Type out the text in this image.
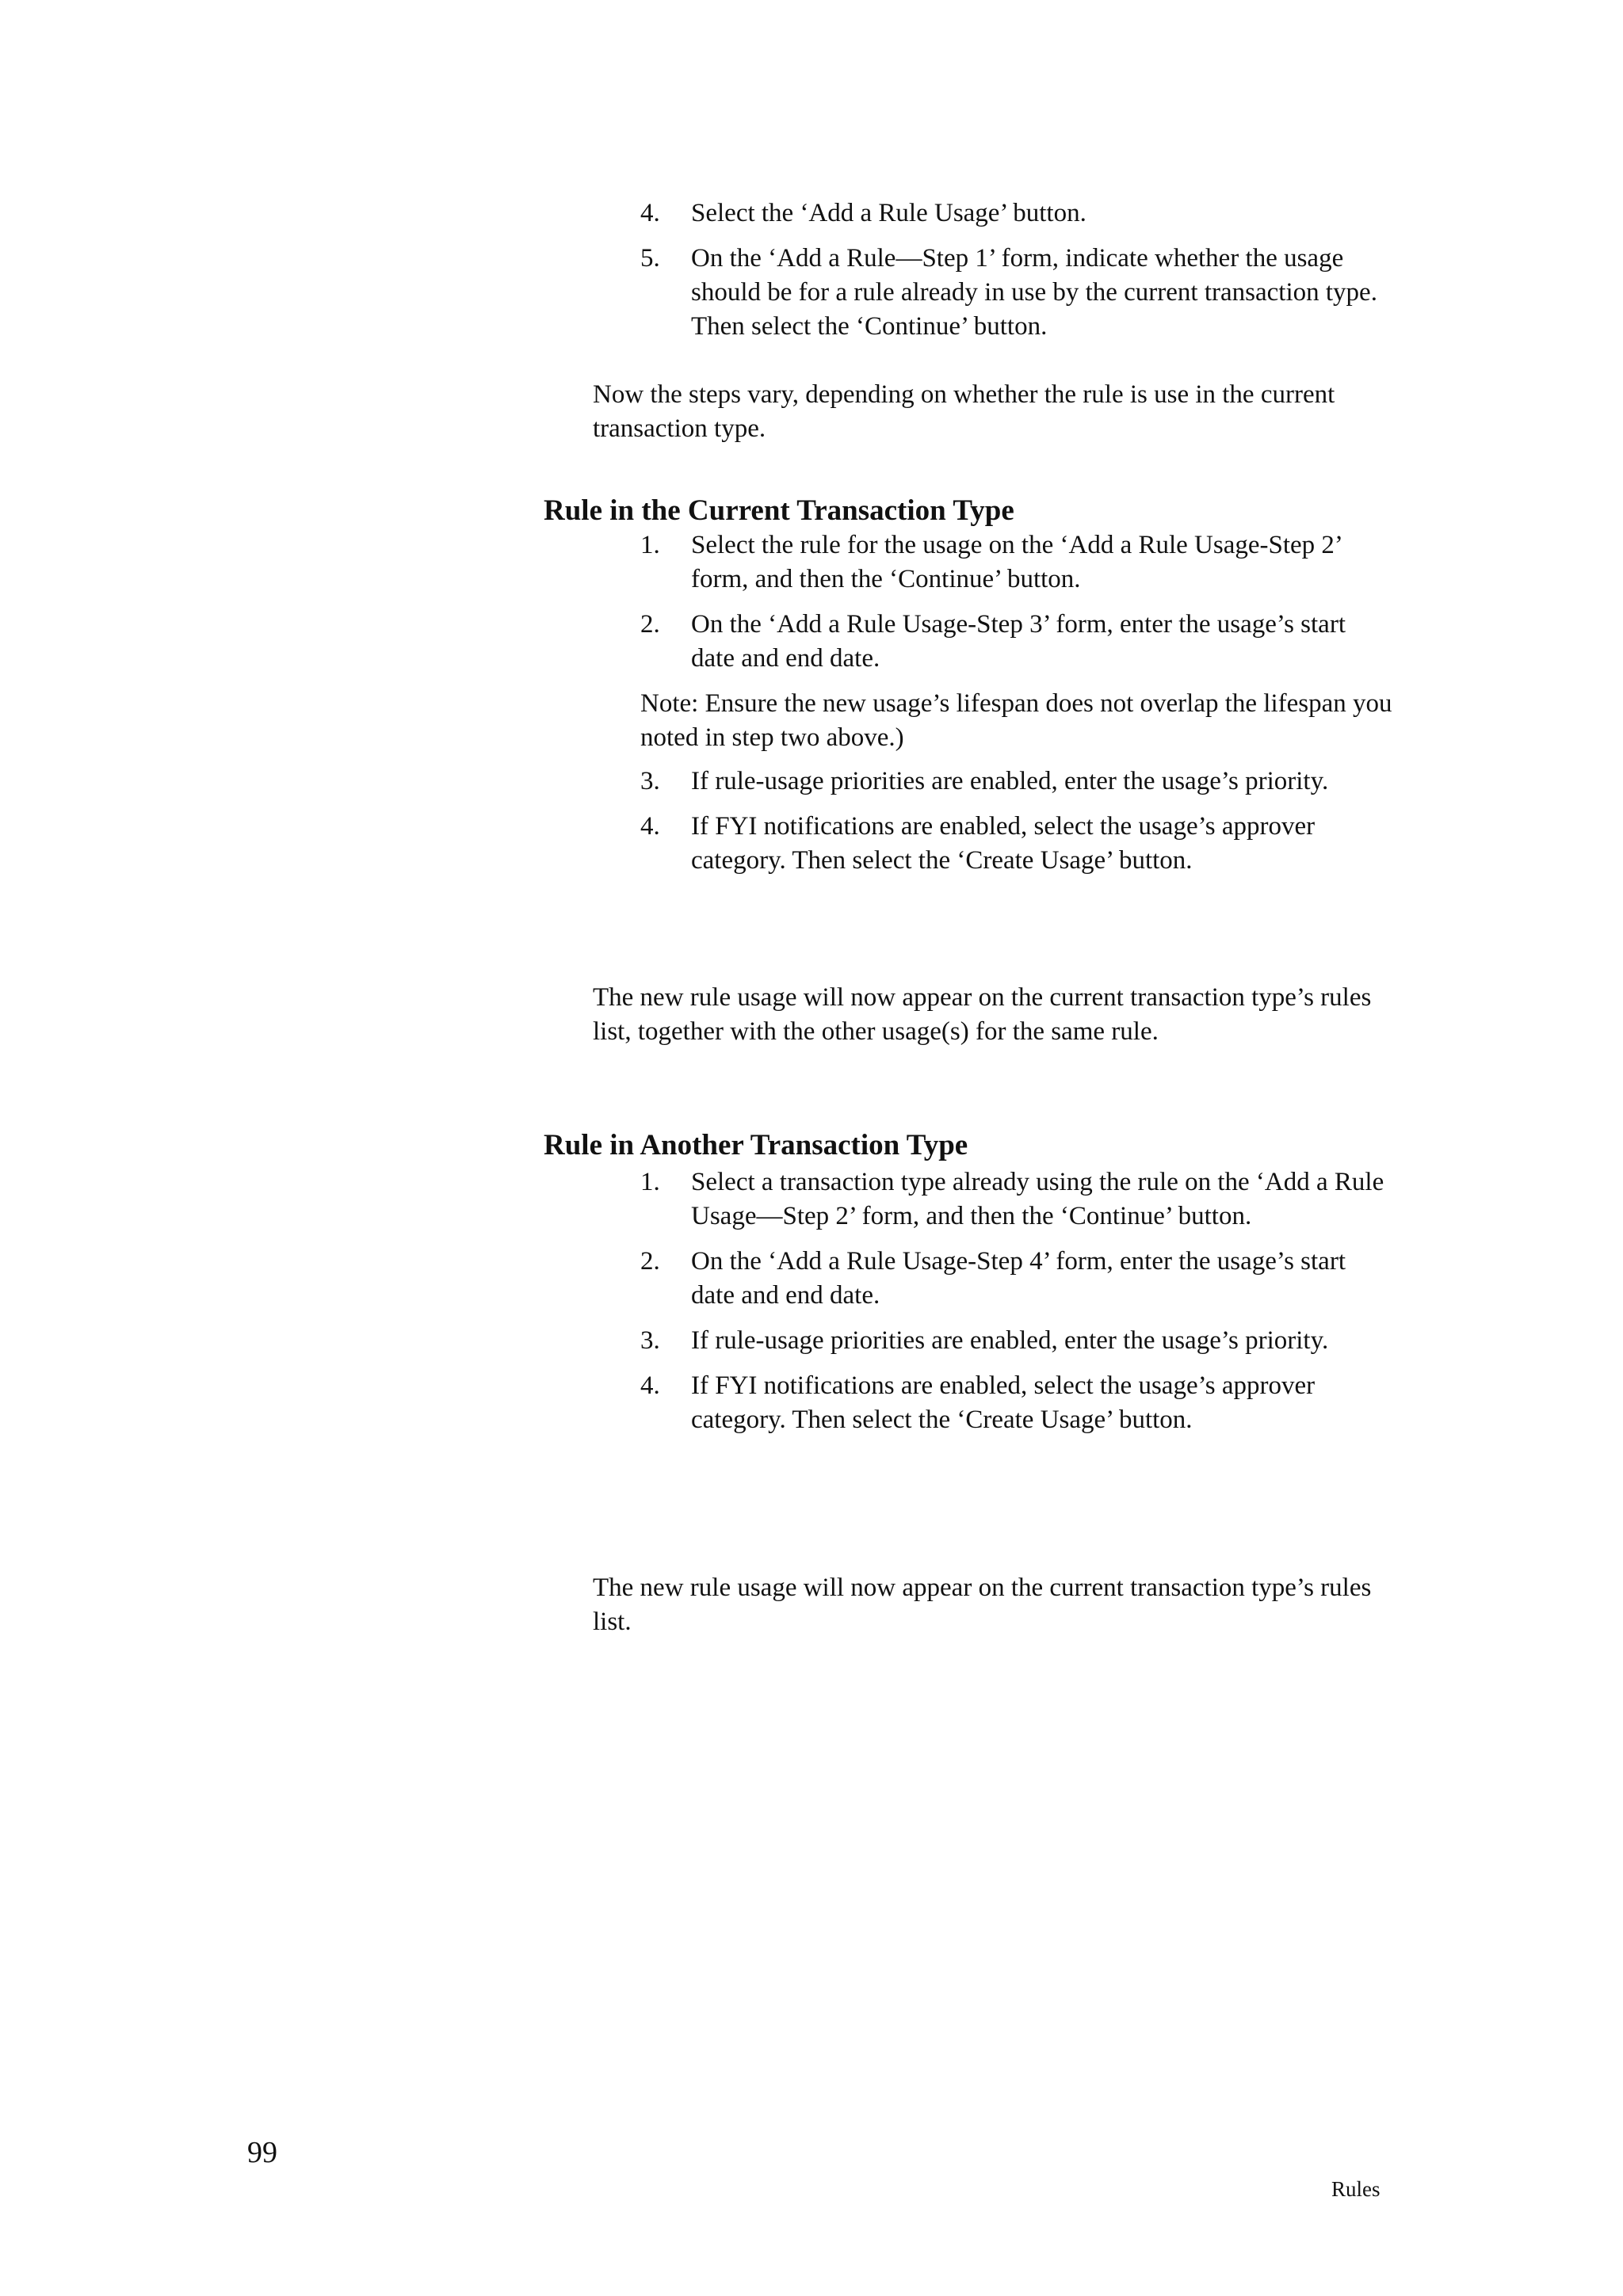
4. Select the ‘Add a Rule Usage’ button.
5. On the ‘Add a Rule—Step 1’ form, indicate whether the usage should be for a rule already in use by the current transaction type. Then select the ‘Continue’ button.

Now the steps vary, depending on whether the rule is use in the current transaction type.

Rule in the Current Transaction Type
1. Select the rule for the usage on the ‘Add a Rule Usage-Step 2’ form, and then the ‘Continue’ button.
2. On the ‘Add a Rule Usage-Step 3’ form, enter the usage’s start date and end date.

Note: Ensure the new usage’s lifespan does not overlap the lifespan you noted in step two above.)

3. If rule-usage priorities are enabled, enter the usage’s priority.
4. If FYI notifications are enabled, select the usage’s approver category. Then select the ‘Create Usage’ button.

The new rule usage will now appear on the current transaction type’s rules list, together with the other usage(s) for the same rule.

Rule in Another Transaction Type
1. Select a transaction type already using the rule on the ‘Add a Rule Usage—Step 2’ form, and then the ‘Continue’ button.
2. On the ‘Add a Rule Usage-Step 4’ form, enter the usage’s start date and end date.
3. If rule-usage priorities are enabled, enter the usage’s priority.
4. If FYI notifications are enabled, select the usage’s approver category. Then select the ‘Create Usage’ button.

The new rule usage will now appear on the current transaction type’s rules list.

99

Rules
